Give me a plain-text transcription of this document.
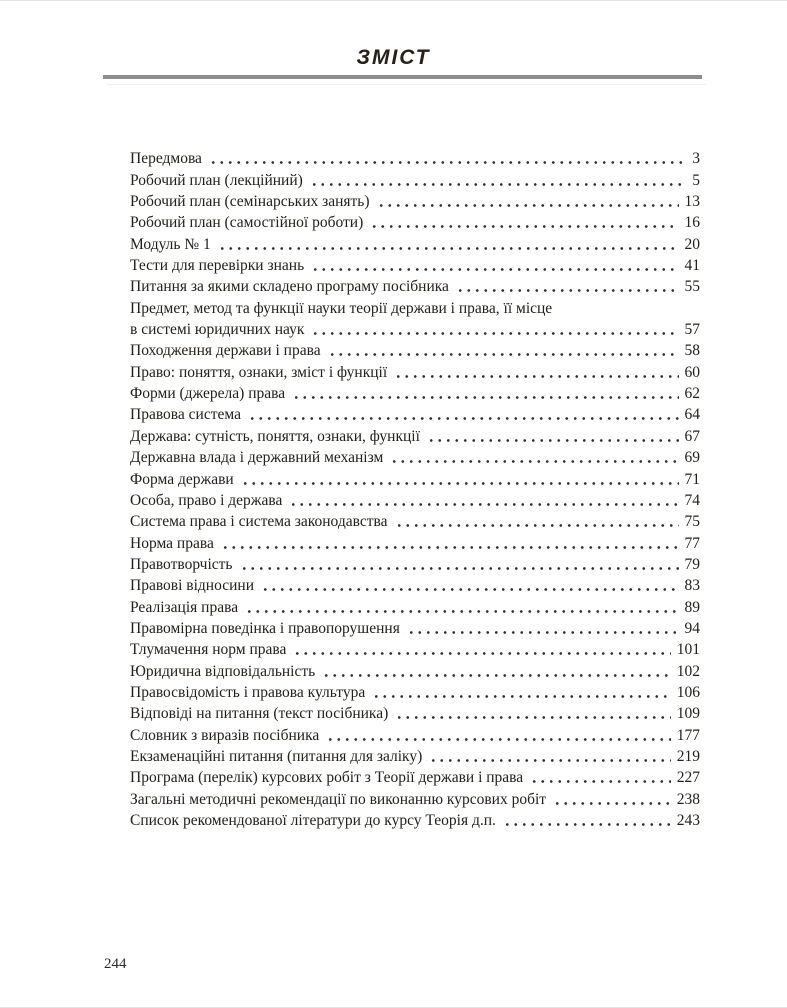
ЗМІСТ
Передмова	3
Робочий план (лекційний)	5
Робочий план (семінарських занять)	13
Робочий план (самостійної роботи)	16
Модуль № 1	20
Тести для перевірки знань	41
Питання за якими складено програму посібника	55
Предмет, метод та функції науки теорії держави і права, її місце
в системі юридичних наук	57
Походження держави і права	58
Право: поняття, ознаки, зміст і функції	60
Форми (джерела) права	62
Правова система	64
Держава: сутність, поняття, ознаки, функції	67
Державна влада і державний механізм	69
Форма держави	71
Особа, право і держава	74
Система права і система законодавства	75
Норма права	77
Правотворчість	79
Правові відносини	83
Реалізація права	89
Правомірна поведінка і правопорушення	94
Тлумачення норм права	101
Юридична відповідальність	102
Правосвідомість і правова культура	106
Відповіді на питання (текст посібника)	109
Словник з виразів посібника	177
Екзаменаційні питання (питання для заліку)	219
Програма (перелік) курсових робіт з Теорії держави і права	227
Загальні методичні рекомендації по виконанню курсових робіт	238
Список рекомендованої літератури до курсу Теорія д.п.	243
244
